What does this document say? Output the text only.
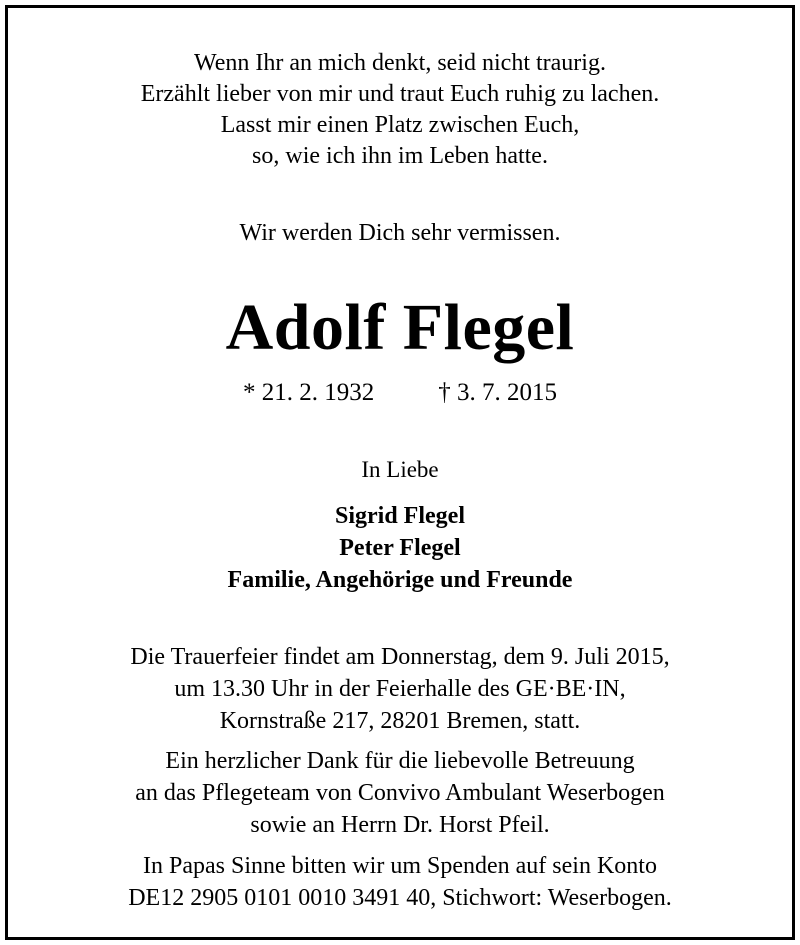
Wenn Ihr an mich denkt, seid nicht traurig.
Erzählt lieber von mir und traut Euch ruhig zu lachen.
Lasst mir einen Platz zwischen Euch,
so, wie ich ihn im Leben hatte.
Wir werden Dich sehr vermissen.
Adolf Flegel
* 21. 2. 1932	† 3. 7. 2015
In Liebe
Sigrid Flegel
Peter Flegel
Familie, Angehörige und Freunde
Die Trauerfeier findet am Donnerstag, dem 9. Juli 2015,
um 13.30 Uhr in der Feierhalle des GE·BE·IN,
Kornstraße 217, 28201 Bremen, statt.
Ein herzlicher Dank für die liebevolle Betreuung
an das Pflegeteam von Convivo Ambulant Weserbogen
sowie an Herrn Dr. Horst Pfeil.
In Papas Sinne bitten wir um Spenden auf sein Konto
DE12 2905 0101 0010 3491 40, Stichwort: Weserbogen.
